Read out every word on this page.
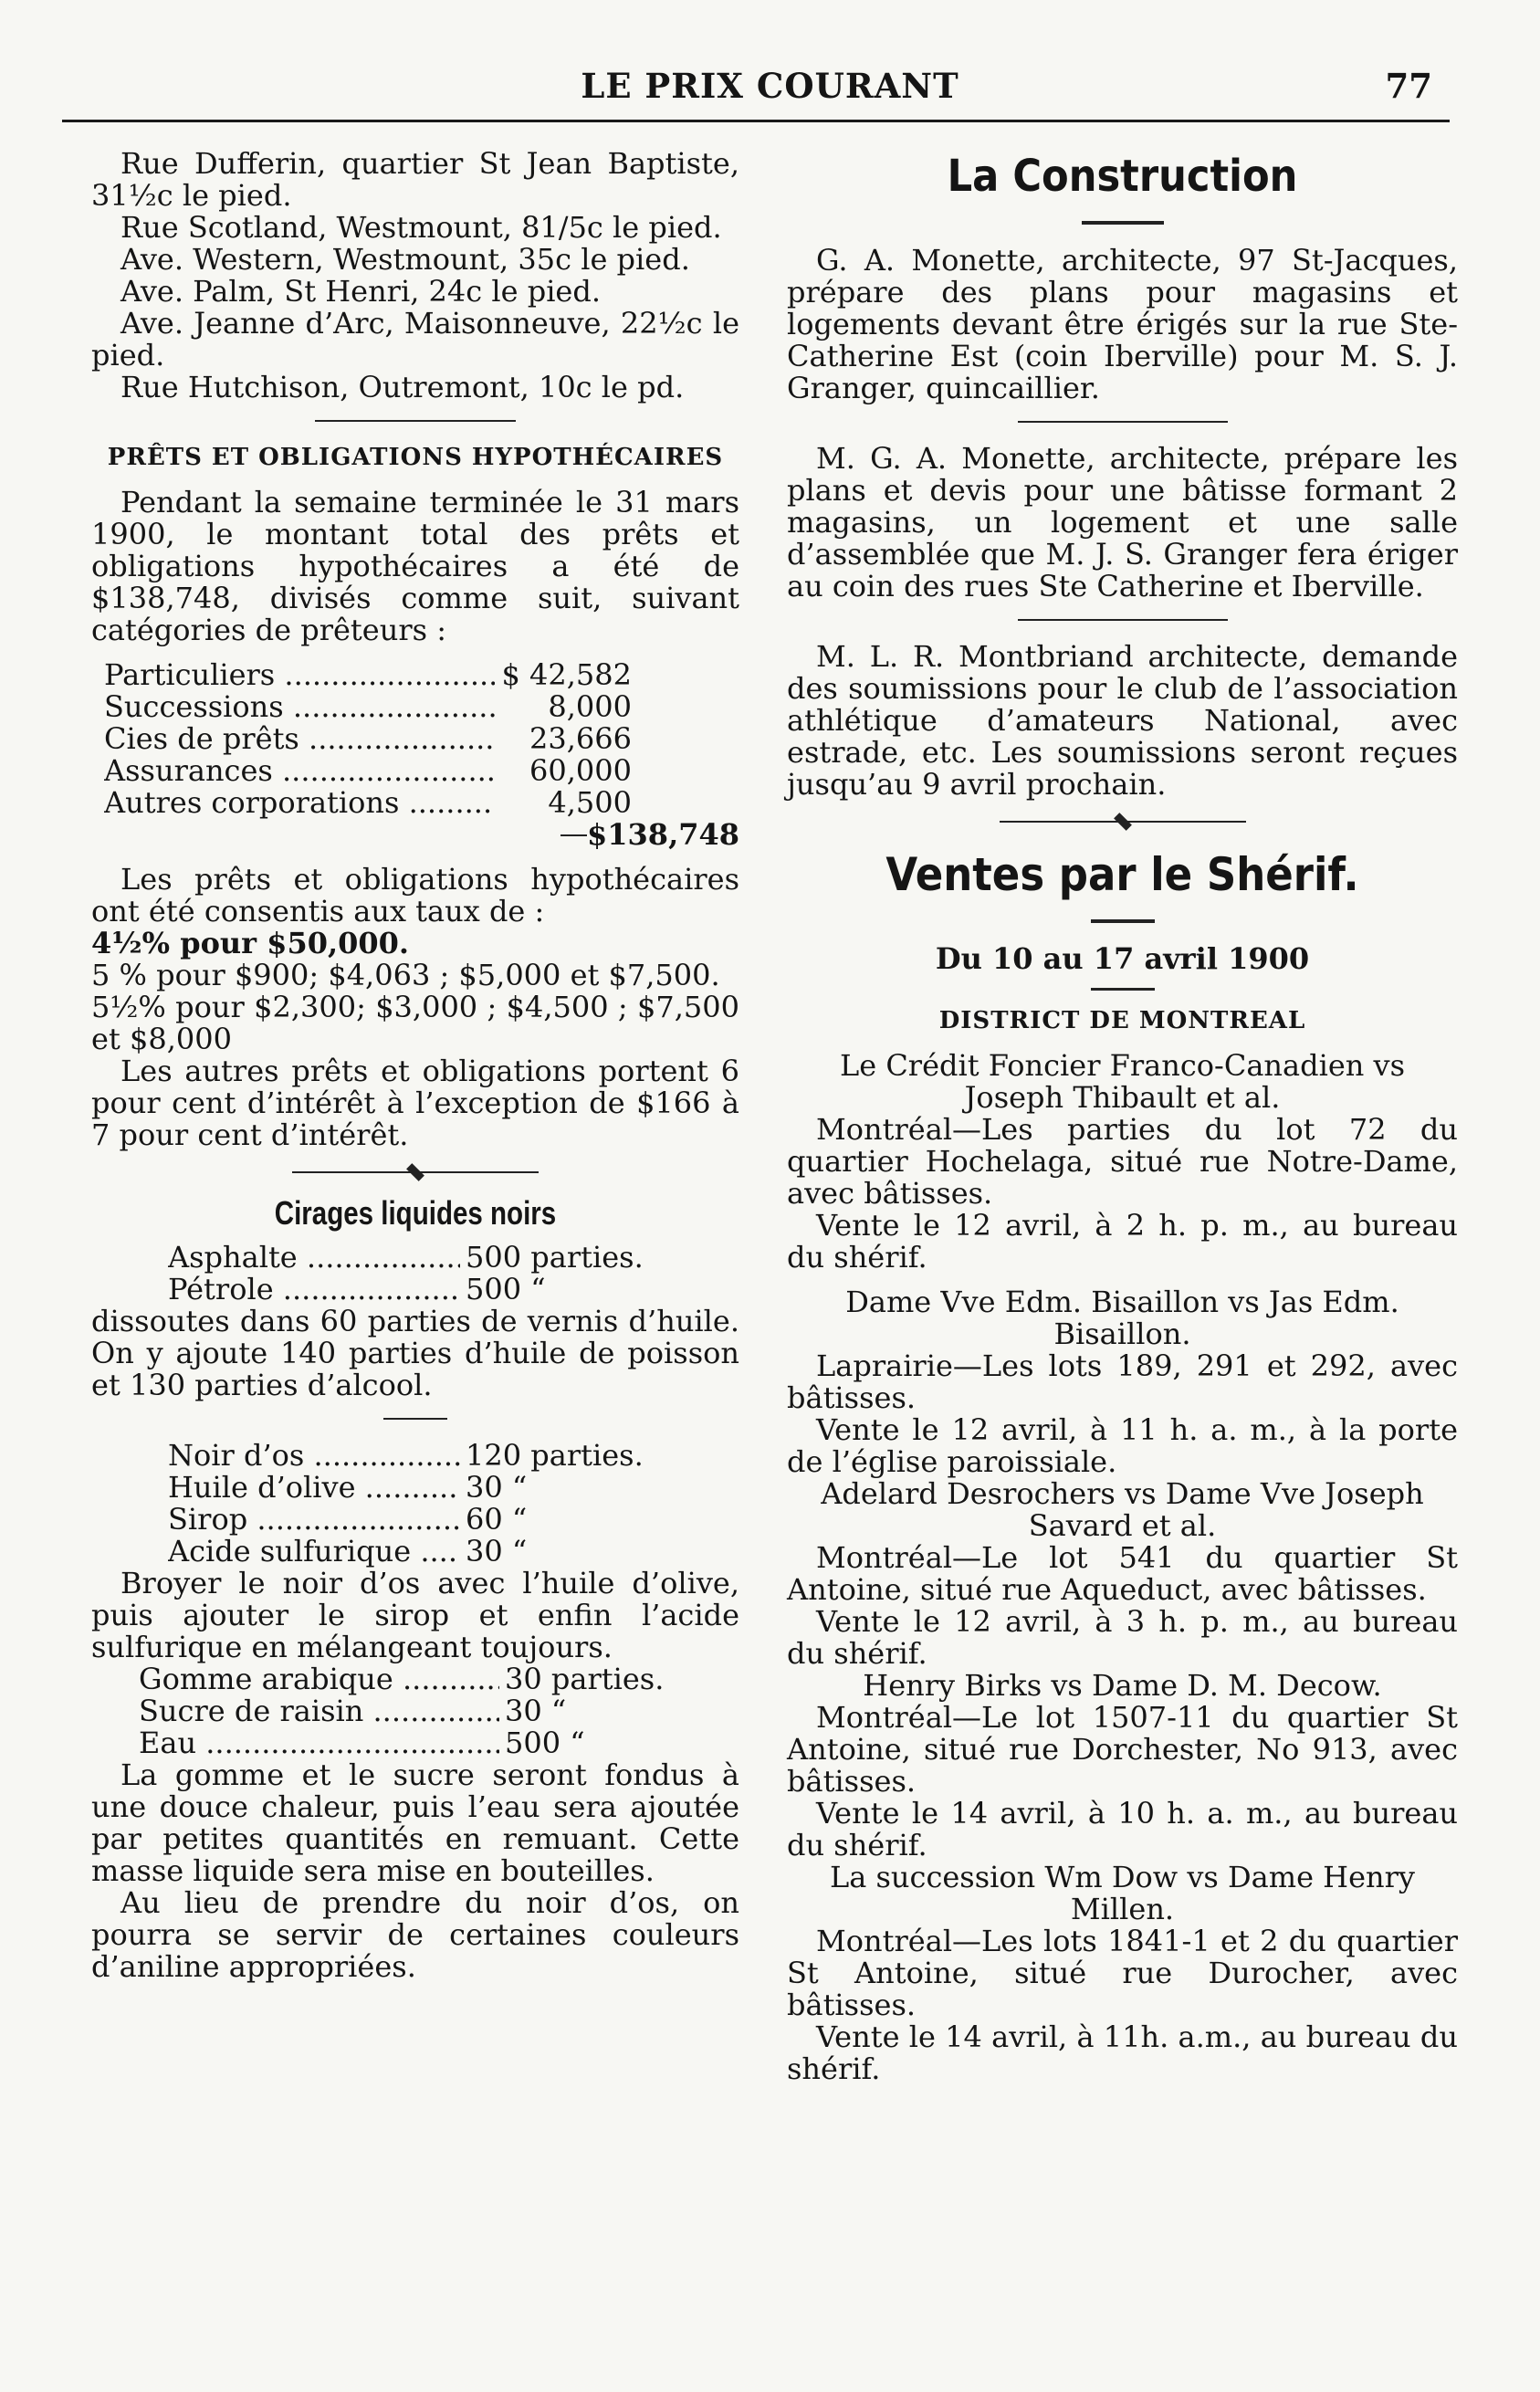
LE PRIX COURANT	77

Rue Dufferin, quartier St Jean Baptiste, 31½c le pied.

Rue Scotland, Westmount, 81/5c le pied.

Ave. Western, Westmount, 35c le pied.

Ave. Palm, St Henri, 24c le pied.

Ave. Jeanne d’Arc, Maisonneuve, 22½c le pied.

Rue Hutchison, Outremont, 10c le pd.

PRÊTS ET OBLIGATIONS HYPOTHÉCAIRES

Pendant la semaine terminée le 31 mars 1900, le montant total des prêts et obligations hypothécaires a été de $138,748, divisés comme suit, suivant catégories de prêteurs :

Particuliers .....	$ 42,582
Successions .....	8,000
Cies de prêts .....	23,666
Assurances .....	60,000
Autres corporations .....	4,500
$138,748

Les prêts et obligations hypothécaires ont été consentis aux taux de :

4½% pour $50,000.

5 % pour $900; $4,063 ; $5,000 et $7,500.

5½% pour $2,300; $3,000 ; $4,500 ; $7,500 et $8,000

Les autres prêts et obligations portent 6 pour cent d’intérêt à l’exception de $166 à 7 pour cent d’intérêt.

Cirages liquides noirs
Asphalte .....	500 parties.
Pétrole .....	500 “

dissoutes dans 60 parties de vernis d’huile. On y ajoute 140 parties d’huile de poisson et 130 parties d’alcool.

Noir d’os .....	120 parties.
Huile d’olive .....	30 “
Sirop .....	60 “
Acide sulfurique .....	30 “

Broyer le noir d’os avec l’huile d’olive, puis ajouter le sirop et enfin l’acide sulfurique en mélangeant toujours.

Gomme arabique .....	30 parties.
Sucre de raisin .....	30 “
Eau .....	500 “

La gomme et le sucre seront fondus à une douce chaleur, puis l’eau sera ajoutée par petites quantités en remuant. Cette masse liquide sera mise en bouteilles.

Au lieu de prendre du noir d’os, on pourra se servir de certaines couleurs d’aniline appropriées.

La Construction

G. A. Monette, architecte, 97 St-Jacques, prépare des plans pour magasins et logements devant être érigés sur la rue Ste-Catherine Est (coin Iberville) pour M. S. J. Granger, quincaillier.

M. G. A. Monette, architecte, prépare les plans et devis pour une bâtisse formant 2 magasins, un logement et une salle d’assemblée que M. J. S. Granger fera ériger au coin des rues Ste Catherine et Iberville.

M. L. R. Montbriand architecte, demande des soumissions pour le club de l’association athlétique d’amateurs National, avec estrade, etc. Les soumissions seront reçues jusqu’au 9 avril prochain.

Ventes par le Shérif.
Du 10 au 17 avril 1900
DISTRICT DE MONTREAL

Le Crédit Foncier Franco-Canadien vs Joseph Thibault et al.

Montréal—Les parties du lot 72 du quartier Hochelaga, situé rue Notre-Dame, avec bâtisses.

Vente le 12 avril, à 2 h. p. m., au bureau du shérif.

Dame Vve Edm. Bisaillon vs Jas Edm. Bisaillon.

Laprairie—Les lots 189, 291 et 292, avec bâtisses.

Vente le 12 avril, à 11 h. a. m., à la porte de l’église paroissiale.

Adelard Desrochers vs Dame Vve Joseph Savard et al.

Montréal—Le lot 541 du quartier St Antoine, situé rue Aqueduct, avec bâtisses.

Vente le 12 avril, à 3 h. p. m., au bureau du shérif.

Henry Birks vs Dame D. M. Decow.

Montréal—Le lot 1507-11 du quartier St Antoine, situé rue Dorchester, No 913, avec bâtisses.

Vente le 14 avril, à 10 h. a. m., au bureau du shérif.

La succession Wm Dow vs Dame Henry Millen.

Montréal—Les lots 1841-1 et 2 du quartier St Antoine, situé rue Durocher, avec bâtisses.

Vente le 14 avril, à 11h. a.m., au bureau du shérif.
